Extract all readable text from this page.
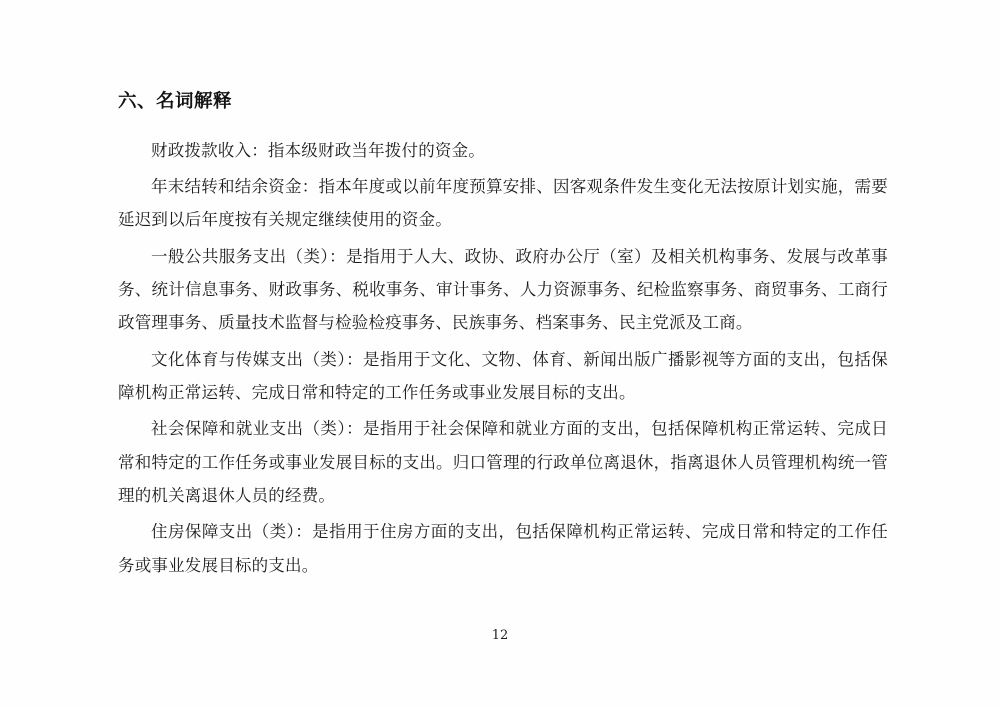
六、名词解释

财政拨款收入：指本级财政当年拨付的资金。

年末结转和结余资金：指本年度或以前年度预算安排、因客观条件发生变化无法按原计划实施，需要延迟到以后年度按有关规定继续使用的资金。

一般公共服务支出（类）：是指用于人大、政协、政府办公厅（室）及相关机构事务、发展与改革事务、统计信息事务、财政事务、税收事务、审计事务、人力资源事务、纪检监察事务、商贸事务、工商行政管理事务、质量技术监督与检验检疫事务、民族事务、档案事务、民主党派及工商。

文化体育与传媒支出（类）：是指用于文化、文物、体育、新闻出版广播影视等方面的支出，包括保障机构正常运转、完成日常和特定的工作任务或事业发展目标的支出。

社会保障和就业支出（类）：是指用于社会保障和就业方面的支出，包括保障机构正常运转、完成日常和特定的工作任务或事业发展目标的支出。归口管理的行政单位离退休，指离退休人员管理机构统一管理的机关离退休人员的经费。

住房保障支出（类）：是指用于住房方面的支出，包括保障机构正常运转、完成日常和特定的工作任务或事业发展目标的支出。

12
